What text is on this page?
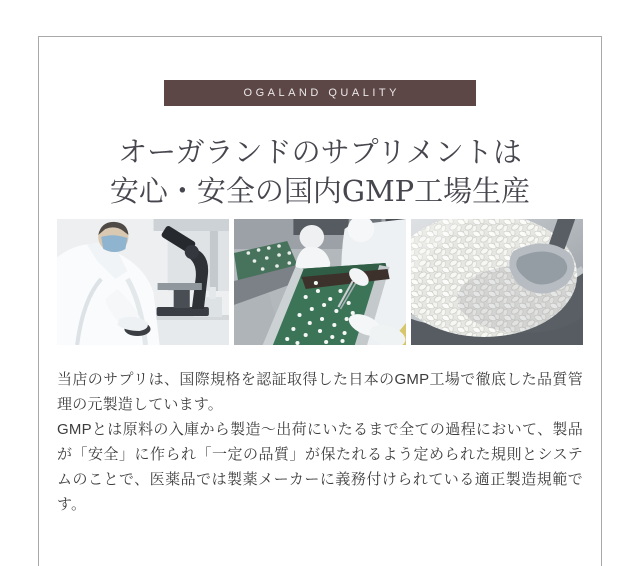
OGALAND QUALITY
オーガランドのサプリメントは
安心・安全の国内GMP工場生産

当店のサプリは、国際規格を認証取得した日本のGMP工場で徹底した品質管理の元製造しています。

GMPとは原料の入庫から製造〜出荷にいたるまで全ての過程において、製品が「安全」に作られ「一定の品質」が保たれるよう定められた規則とシステムのことで、医薬品では製薬メーカーに義務付けられている適正製造規範です。
